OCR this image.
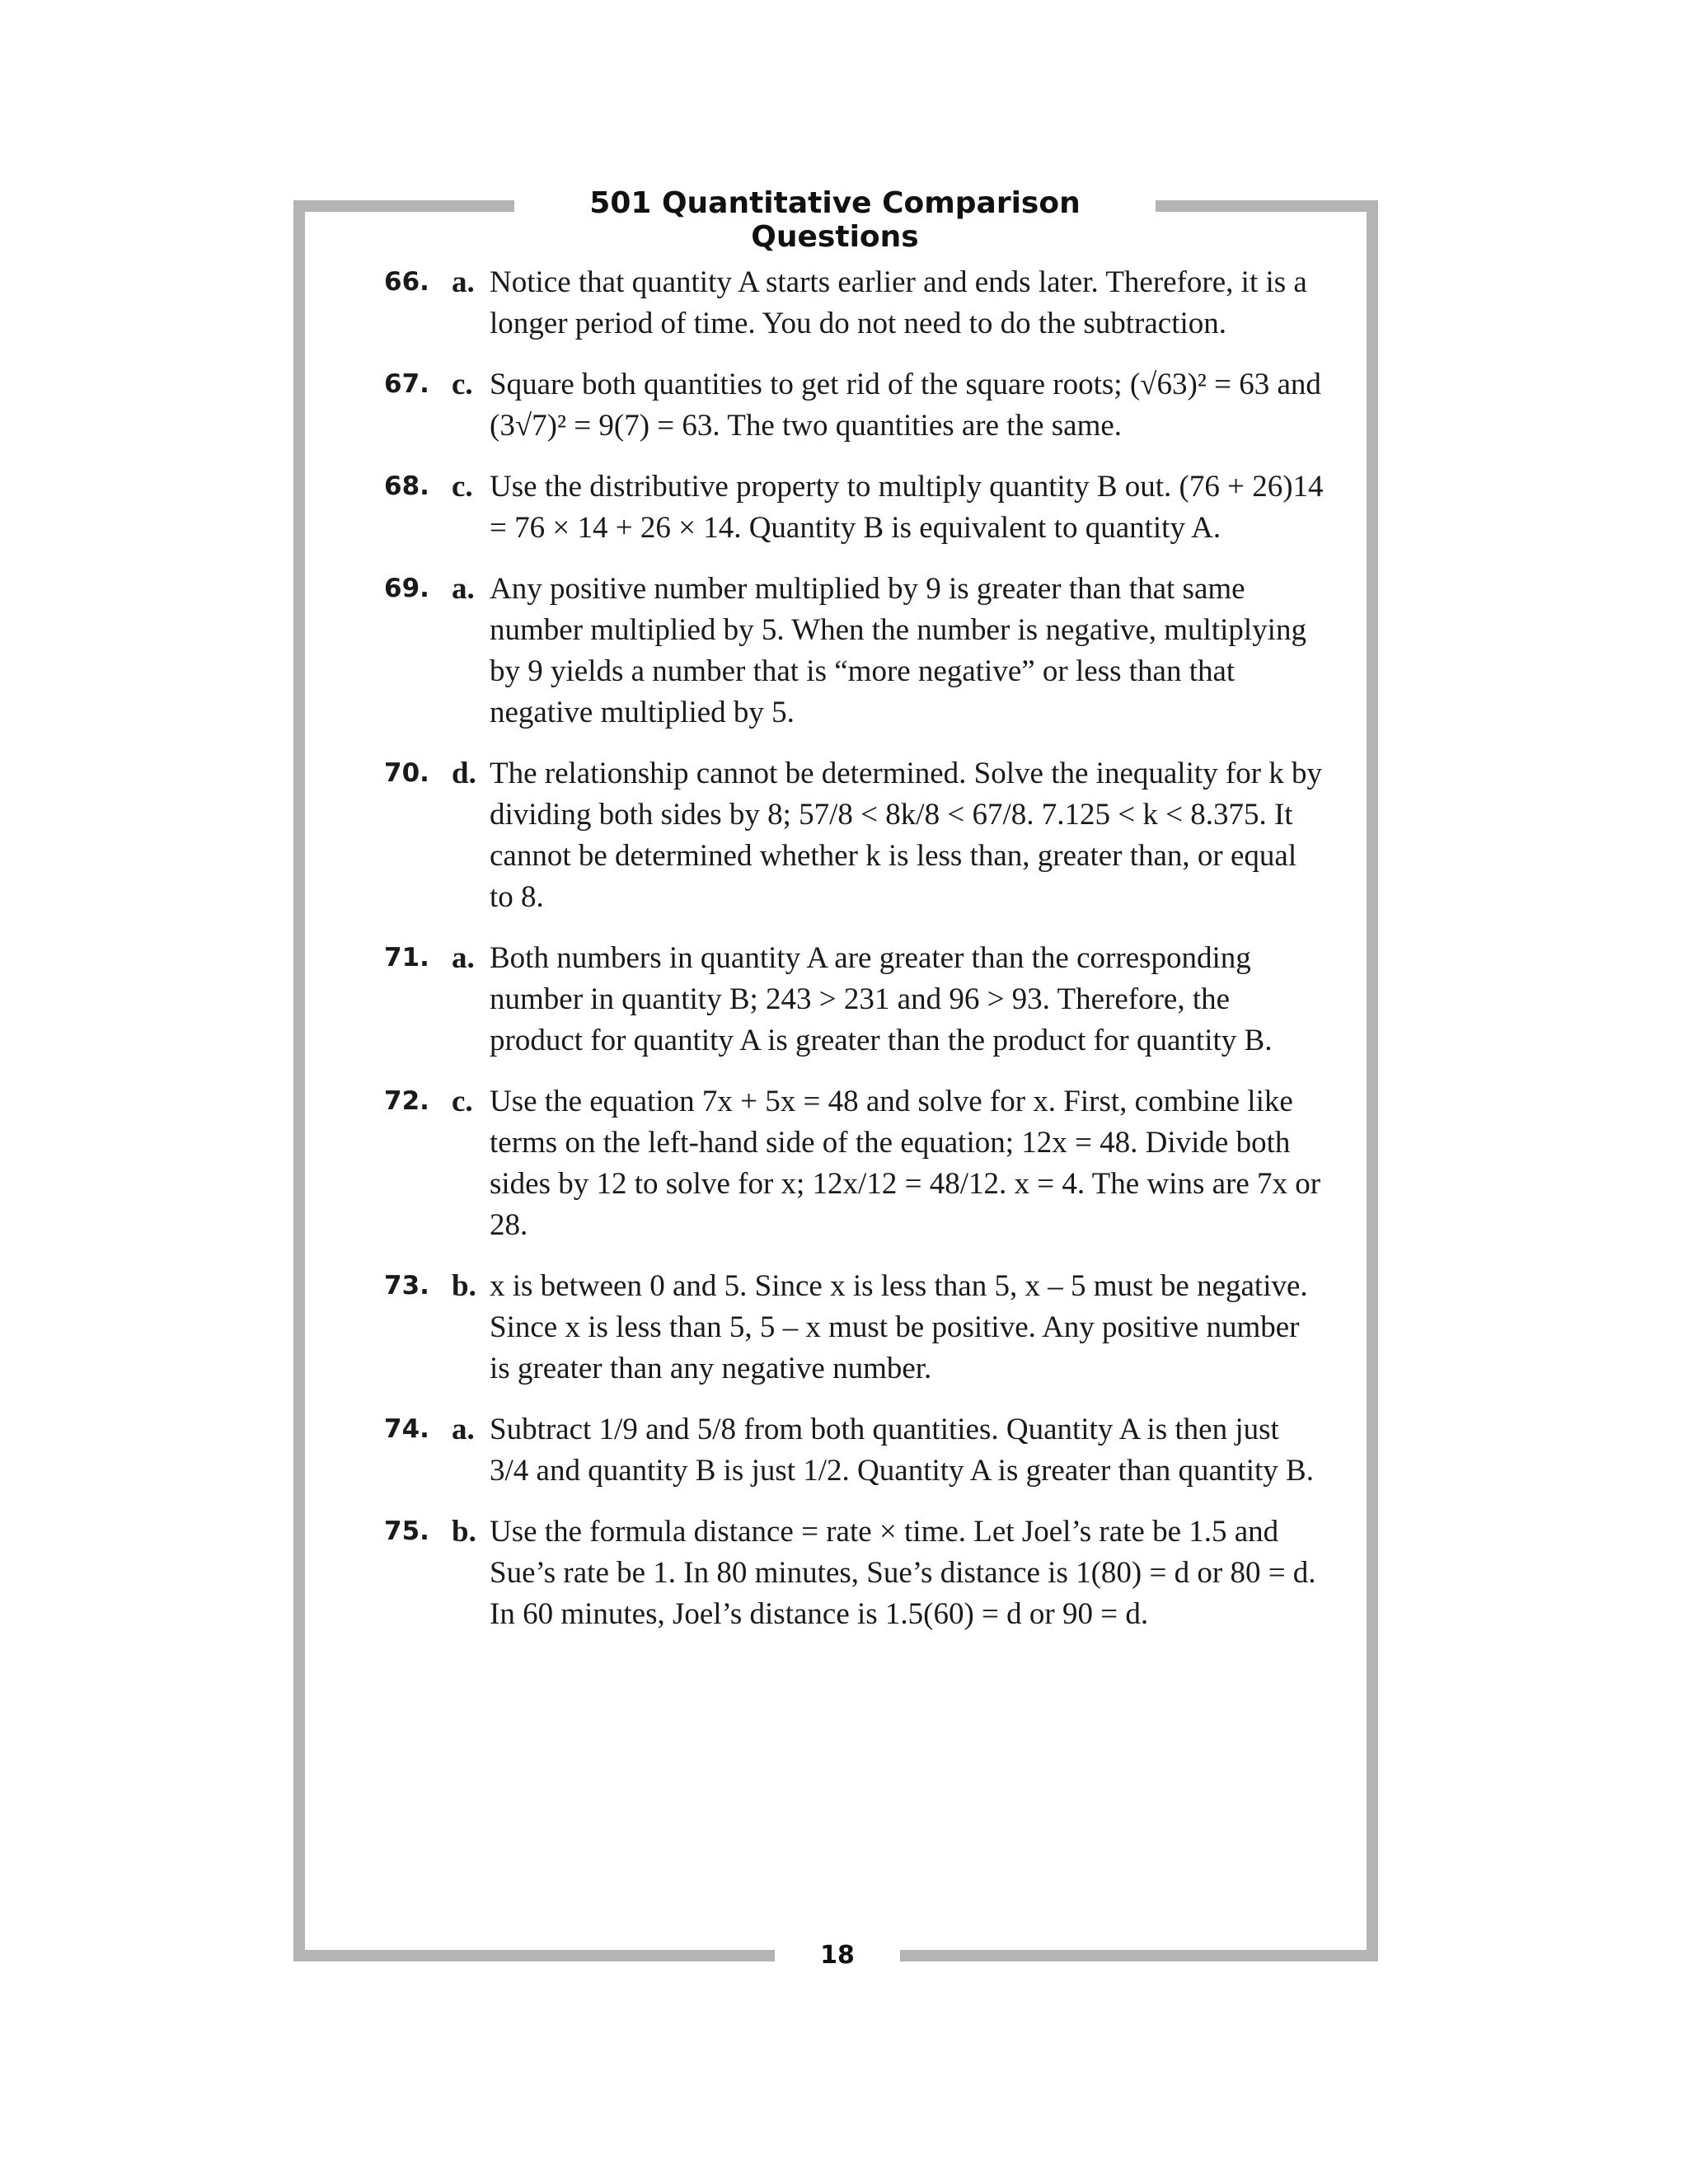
501 Quantitative Comparison Questions
66. a. Notice that quantity A starts earlier and ends later. Therefore, it is a longer period of time. You do not need to do the subtraction.
67. c. Square both quantities to get rid of the square roots; (√63)² = 63 and (3√7)² = 9(7) = 63. The two quantities are the same.
68. c. Use the distributive property to multiply quantity B out. (76 + 26)14 = 76 × 14 + 26 × 14. Quantity B is equivalent to quantity A.
69. a. Any positive number multiplied by 9 is greater than that same number multiplied by 5. When the number is negative, multiplying by 9 yields a number that is “more negative” or less than that negative multiplied by 5.
70. d. The relationship cannot be determined. Solve the inequality for k by dividing both sides by 8; 57/8 < 8k/8 < 67/8. 7.125 < k < 8.375. It cannot be determined whether k is less than, greater than, or equal to 8.
71. a. Both numbers in quantity A are greater than the corresponding number in quantity B; 243 > 231 and 96 > 93. Therefore, the product for quantity A is greater than the product for quantity B.
72. c. Use the equation 7x + 5x = 48 and solve for x. First, combine like terms on the left-hand side of the equation; 12x = 48. Divide both sides by 12 to solve for x; 12x/12 = 48/12. x = 4. The wins are 7x or 28.
73. b. x is between 0 and 5. Since x is less than 5, x – 5 must be negative. Since x is less than 5, 5 – x must be positive. Any positive number is greater than any negative number.
74. a. Subtract 1/9 and 5/8 from both quantities. Quantity A is then just 3/4 and quantity B is just 1/2. Quantity A is greater than quantity B.
75. b. Use the formula distance = rate × time. Let Joel’s rate be 1.5 and Sue’s rate be 1. In 80 minutes, Sue’s distance is 1(80) = d or 80 = d. In 60 minutes, Joel’s distance is 1.5(60) = d or 90 = d.
18
